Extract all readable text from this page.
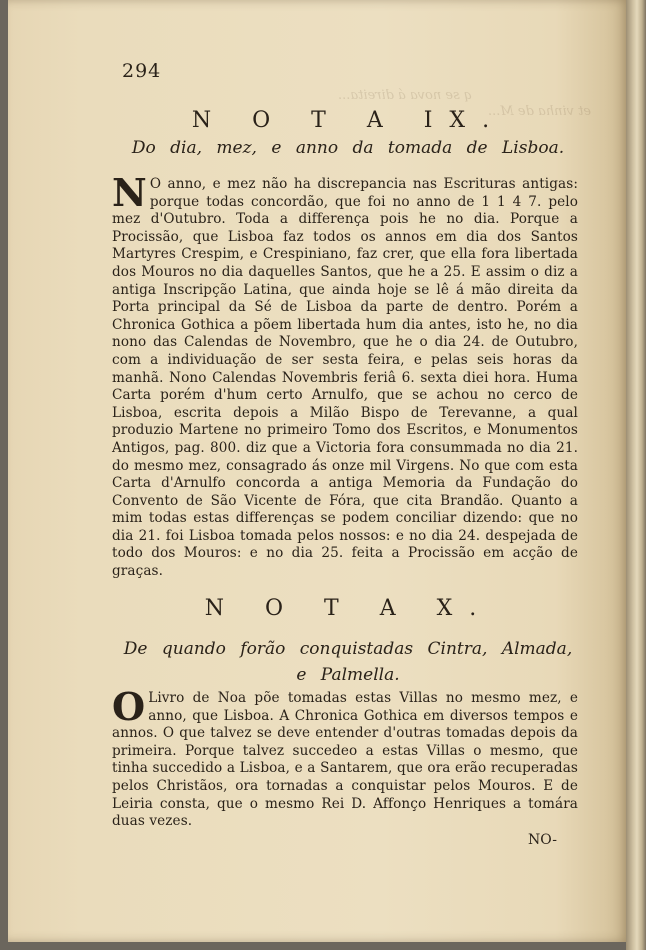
q se nova á direita...
et vinha de M...
294
N O T A IX.
Do dia, mez, e anno da tomada de Lisboa.
N O anno, e mez não ha discrepancia nas Escrituras antigas: porque todas concordão, que foi no anno de 1 1 4 7. pelo mez d'Outubro. Toda a differença pois he no dia. Porque a Procissão, que Lisboa faz todos os annos em dia dos Santos Martyres Crespim, e Crespiniano, faz crer, que ella fora libertada dos Mouros no dia daquelles Santos, que he a 25. E assim o diz a antiga Inscripção Latina, que ainda hoje se lê á mão direita da Porta principal da Sé de Lisboa da parte de dentro. Porém a Chronica Gothica a põem libertada hum dia antes, isto he, no dia nono das Calendas de Novembro, que he o dia 24. de Outubro, com a individuação de ser sesta feira, e pelas seis horas da manhã. Nono Calendas Novembris feriâ 6. sexta diei hora. Huma Carta porém d'hum certo Arnulfo, que se achou no cerco de Lisboa, escrita depois a Milão Bispo de Terevanne, a qual produzio Martene no primeiro Tomo dos Escritos, e Monumentos Antigos, pag. 800. diz que a Victoria fora consummada no dia 21. do mesmo mez, consagrado ás onze mil Virgens. No que com esta Carta d'Arnulfo concorda a antiga Memoria da Fundação do Convento de São Vicente de Fóra, que cita Brandão. Quanto a mim todas estas differenças se podem conciliar dizendo: que no dia 21. foi Lisboa tomada pelos nossos: e no dia 24. despejada de todo dos Mouros: e no dia 25. feita a Procissão em acção de graças.
N O T A X.
De quando forão conquistadas Cintra, Almada, e Palmella.
O Livro de Noa põe tomadas estas Villas no mesmo mez, e anno, que Lisboa. A Chronica Gothica em diversos tempos e annos. O que talvez se deve entender d'outras tomadas depois da primeira. Porque talvez succedeo a estas Villas o mesmo, que tinha succedido a Lisboa, e a Santarem, que ora erão recuperadas pelos Christãos, ora tornadas a conquistar pelos Mouros. E de Leiria consta, que o mesmo Rei D. Affonço Henriques a tomára duas vezes.
NO-
